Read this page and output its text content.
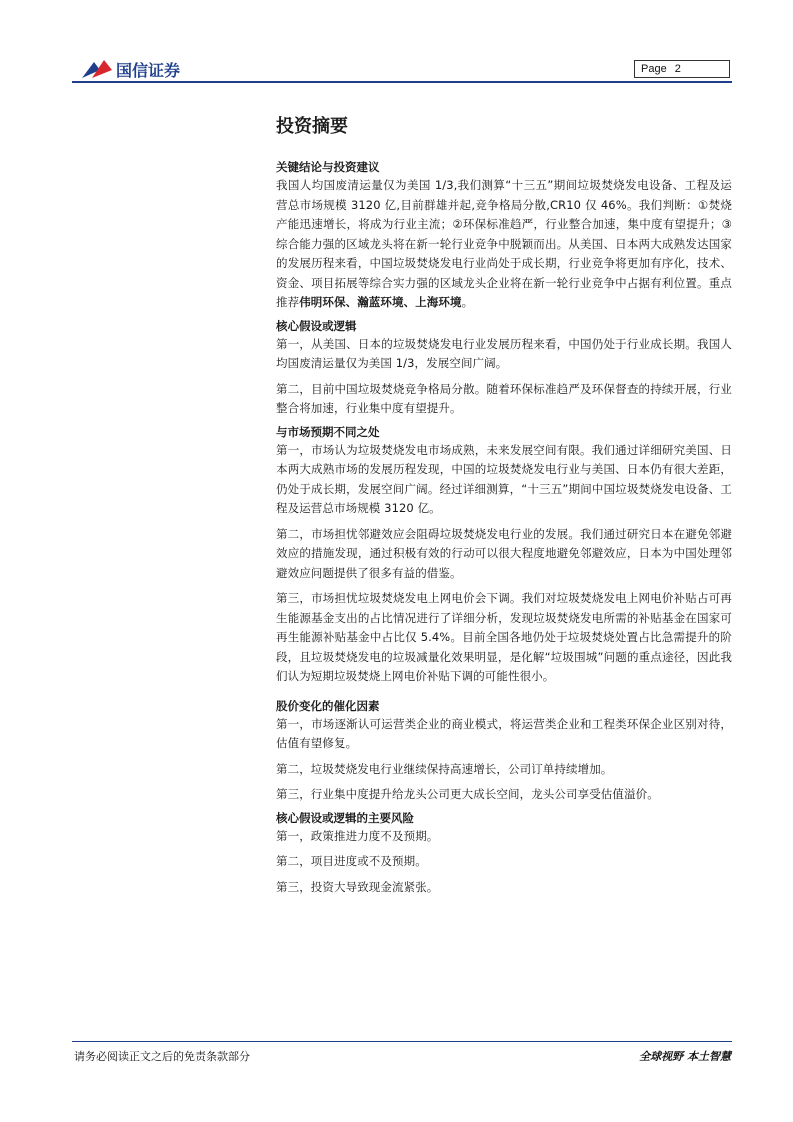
国信证券	Page 2
投资摘要
关键结论与投资建议
我国人均国废清运量仅为美国 1/3,我们测算“十三五”期间垃圾焚烧发电设备、工程及运营总市场规模 3120 亿,目前群雄并起,竞争格局分散,CR10 仅 46%。我们判断：①焚烧产能迅速增长，将成为行业主流；②环保标准趋严，行业整合加速，集中度有望提升；③综合能力强的区域龙头将在新一轮行业竞争中脱颖而出。从美国、日本两大成熟发达国家的发展历程来看，中国垃圾焚烧发电行业尚处于成长期，行业竞争将更加有序化，技术、资金、项目拓展等综合实力强的区域龙头企业将在新一轮行业竞争中占据有利位置。重点推荐伟明环保、瀚蓝环境、上海环境。
核心假设或逻辑
第一，从美国、日本的垃圾焚烧发电行业发展历程来看，中国仍处于行业成长期。我国人均国废清运量仅为美国 1/3，发展空间广阔。
第二，目前中国垃圾焚烧竞争格局分散。随着环保标准趋严及环保督查的持续开展，行业整合将加速，行业集中度有望提升。
与市场预期不同之处
第一，市场认为垃圾焚烧发电市场成熟，未来发展空间有限。我们通过详细研究美国、日本两大成熟市场的发展历程发现，中国的垃圾焚烧发电行业与美国、日本仍有很大差距，仍处于成长期，发展空间广阔。经过详细测算，“十三五”期间中国垃圾焚烧发电设备、工程及运营总市场规模 3120 亿。
第二，市场担忧邻避效应会阻碍垃圾焚烧发电行业的发展。我们通过研究日本在避免邻避效应的措施发现，通过积极有效的行动可以很大程度地避免邻避效应，日本为中国处理邻避效应问题提供了很多有益的借鉴。
第三，市场担忧垃圾焚烧发电上网电价会下调。我们对垃圾焚烧发电上网电价补贴占可再生能源基金支出的占比情况进行了详细分析，发现垃圾焚烧发电所需的补贴基金在国家可再生能源补贴基金中占比仅 5.4%。目前全国各地仍处于垃圾焚烧处置占比急需提升的阶段，且垃圾焚烧发电的垃圾减量化效果明显，是化解“垃圾围城”问题的重点途径，因此我们认为短期垃圾焚烧上网电价补贴下调的可能性很小。
股价变化的催化因素
第一，市场逐渐认可运营类企业的商业模式，将运营类企业和工程类环保企业区别对待，估值有望修复。
第二，垃圾焚烧发电行业继续保持高速增长，公司订单持续增加。
第三，行业集中度提升给龙头公司更大成长空间，龙头公司享受估值溢价。
核心假设或逻辑的主要风险
第一，政策推进力度不及预期。
第二，项目进度或不及预期。
第三，投资大导致现金流紧张。
请务必阅读正文之后的免责条款部分	全球视野 本土智慧
